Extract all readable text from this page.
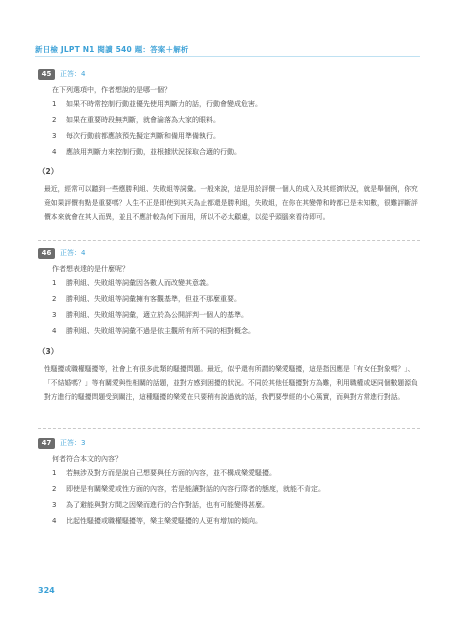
新日檢 JLPT N1 閱讀 540 題：答案＋解析
45	正答：4
在下列選項中，作者想說的是哪一個？
1	如果不時常控制行動並優先使用判斷力的話，行動會變成危害。
2	如果在重要時段無判斷，就會淪落為大家的眼料。
3	每次行動前都應該預先擬定判斷和備用準備執行。
4	應該用判斷力來控制行動，並根據狀況採取合適的行動。
（2）
最近，經常可以聽到一些應勝利組、失敗組等詞彙。一般來說，這是用於評價一個人的成入及其經濟狀況，就是舉個例，你究竟如果評價有點是重要嗎？人生不正是即使到其天為止都還是勝利組，失敗組，在你在其變帶和時都已是未知數，很難評斷評價本來就會在其人而異，並且不應計較為何下面用，所以不必太顧慮，以從乎頭腦來看待即可。
46	正答：4
作者想表達的是什麼呢？
1	勝利組、失敗組等詞彙因各數人而改變其意義。
2	勝利組、失敗組等詞彙擁有客觀基準，但並不那麼重要。
3	勝利組、失敗組等詞彙，適立於為公開評判一個人的基準。
4	勝利組、失敗組等詞彙不過是依主觀所有所不同的相對概念。
（3）
性騷擾或職權騷擾等，社會上有很多此類的騷擾問題。最近，似乎還有所謂的樂愛騷擾，這是指因應是「有女任對象嗎？」、「不結婚嗎？」等有關愛與性相關的話題，並對方感到困擾的狀況。不同於其他任騷擾對方為難，利用職權或逐同個數題源負對方進行的騷擾問題受到關注，這種騷擾的樂愛在只要稍有說過就的話，我們要學經的小心篤實，而與對方常進行對話。
47	正答：3
何者符合本文的內容？
1	若無涉及對方而是說自己想要與任方面的內容，並不構成樂愛騷擾。
2	即使是有關樂愛或性方面的內容，若是能讓對話的內容行際者的態度，就能不肯定。
3	為了避能與對方間之因樂而進行的合作對話，也有可能變得甚麼。
4	比起性騷擾或職權騷擾等，樂主樂愛騷擾的人更有增加的傾向。
324
